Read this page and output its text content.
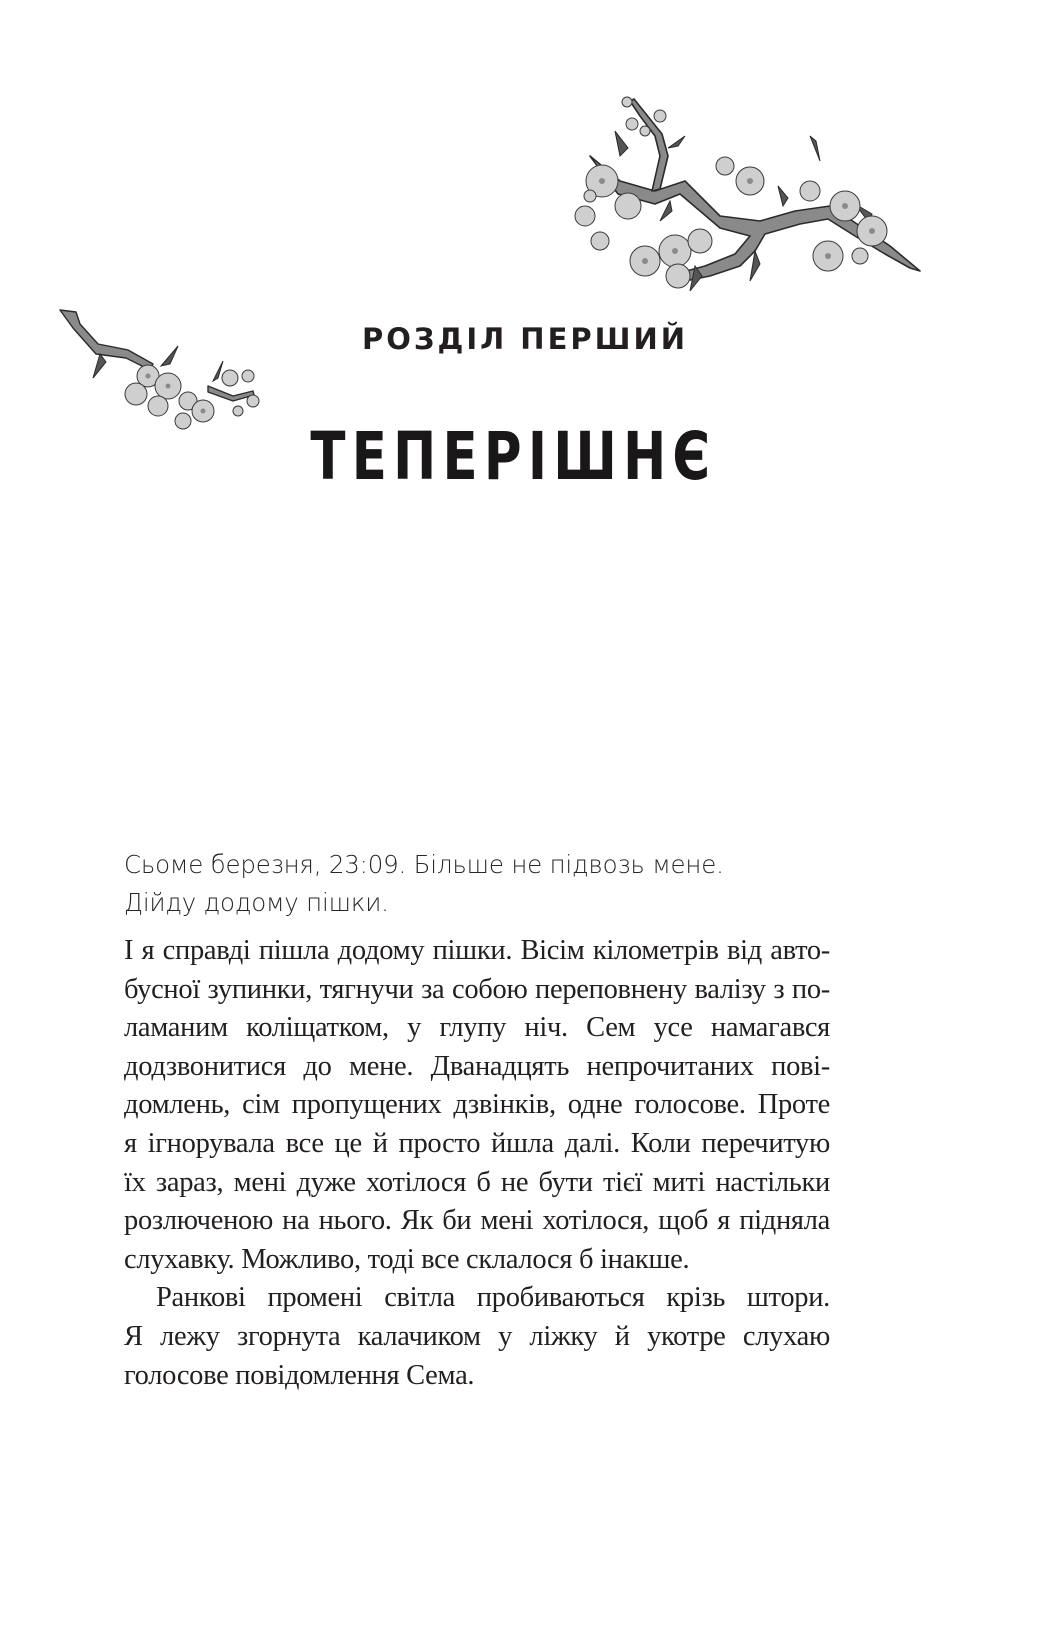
РОЗДІЛ ПЕРШИЙ
ТЕПЕРІШНЄ
Сьоме березня, 23:09. Більше не підвозь мене.
Дійду додому пішки.
І я справді пішла додому пішки. Вісім кілометрів від авто-
бусної зупинки, тягнучи за собою переповнену валізу з по-
ламаним коліщатком, у глупу ніч. Сем усе намагався
додзвонитися до мене. Дванадцять непрочитаних пові-
домлень, сім пропущених дзвінків, одне голосове. Проте
я ігнорувала все це й просто йшла далі. Коли перечитую
їх зараз, мені дуже хотілося б не бути тієї миті настільки
розлюченою на нього. Як би мені хотілося, щоб я підняла
слухавку. Можливо, тоді все склалося б інакше.
Ранкові промені світла пробиваються крізь штори.
Я лежу згорнута калачиком у ліжку й укотре слухаю
голосове повідомлення Сема.
